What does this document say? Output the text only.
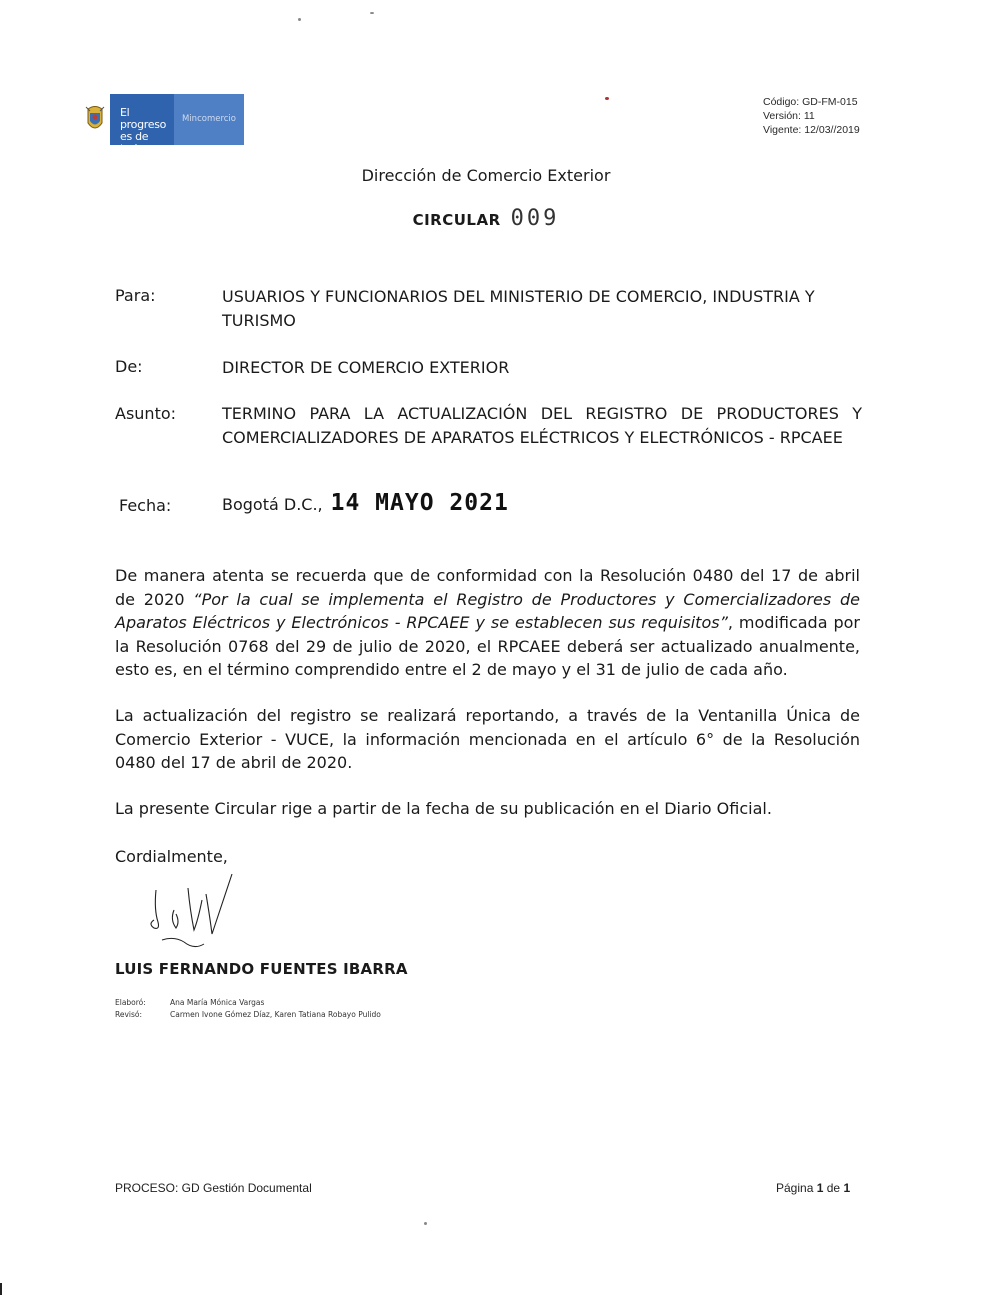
El progreso es de todos
Mincomercio
Código: GD-FM-015
Versión: 11
Vigente: 12/03//2019
Dirección de Comercio Exterior
CIRCULAR 009
Para:	USUARIOS Y FUNCIONARIOS DEL MINISTERIO DE COMERCIO, INDUSTRIA Y TURISMO
De:	DIRECTOR DE COMERCIO EXTERIOR
Asunto:	TERMINO PARA LA ACTUALIZACIÓN DEL REGISTRO DE PRODUCTORES Y COMERCIALIZADORES DE APARATOS ELÉCTRICOS Y ELECTRÓNICOS - RPCAEE
Fecha:	Bogotá D.C., 14 MAYO 2021
De manera atenta se recuerda que de conformidad con la Resolución 0480 del 17 de abril de 2020 “Por la cual se implementa el Registro de Productores y Comercializadores de Aparatos Eléctricos y Electrónicos - RPCAEE y se establecen sus requisitos”, modificada por la Resolución 0768 del 29 de julio de 2020, el RPCAEE deberá ser actualizado anualmente, esto es, en el término comprendido entre el 2 de mayo y el 31 de julio de cada año.
La actualización del registro se realizará reportando, a través de la Ventanilla Única de Comercio Exterior - VUCE, la información mencionada en el artículo 6° de la Resolución 0480 del 17 de abril de 2020.
La presente Circular rige a partir de la fecha de su publicación en el Diario Oficial.
Cordialmente,
LUIS FERNANDO FUENTES IBARRA
Elaboró:	Ana María Mónica Vargas
Revisó:	Carmen Ivone Gómez Díaz, Karen Tatiana Robayo Pulido
PROCESO: GD Gestión Documental	Página 1 de 1
